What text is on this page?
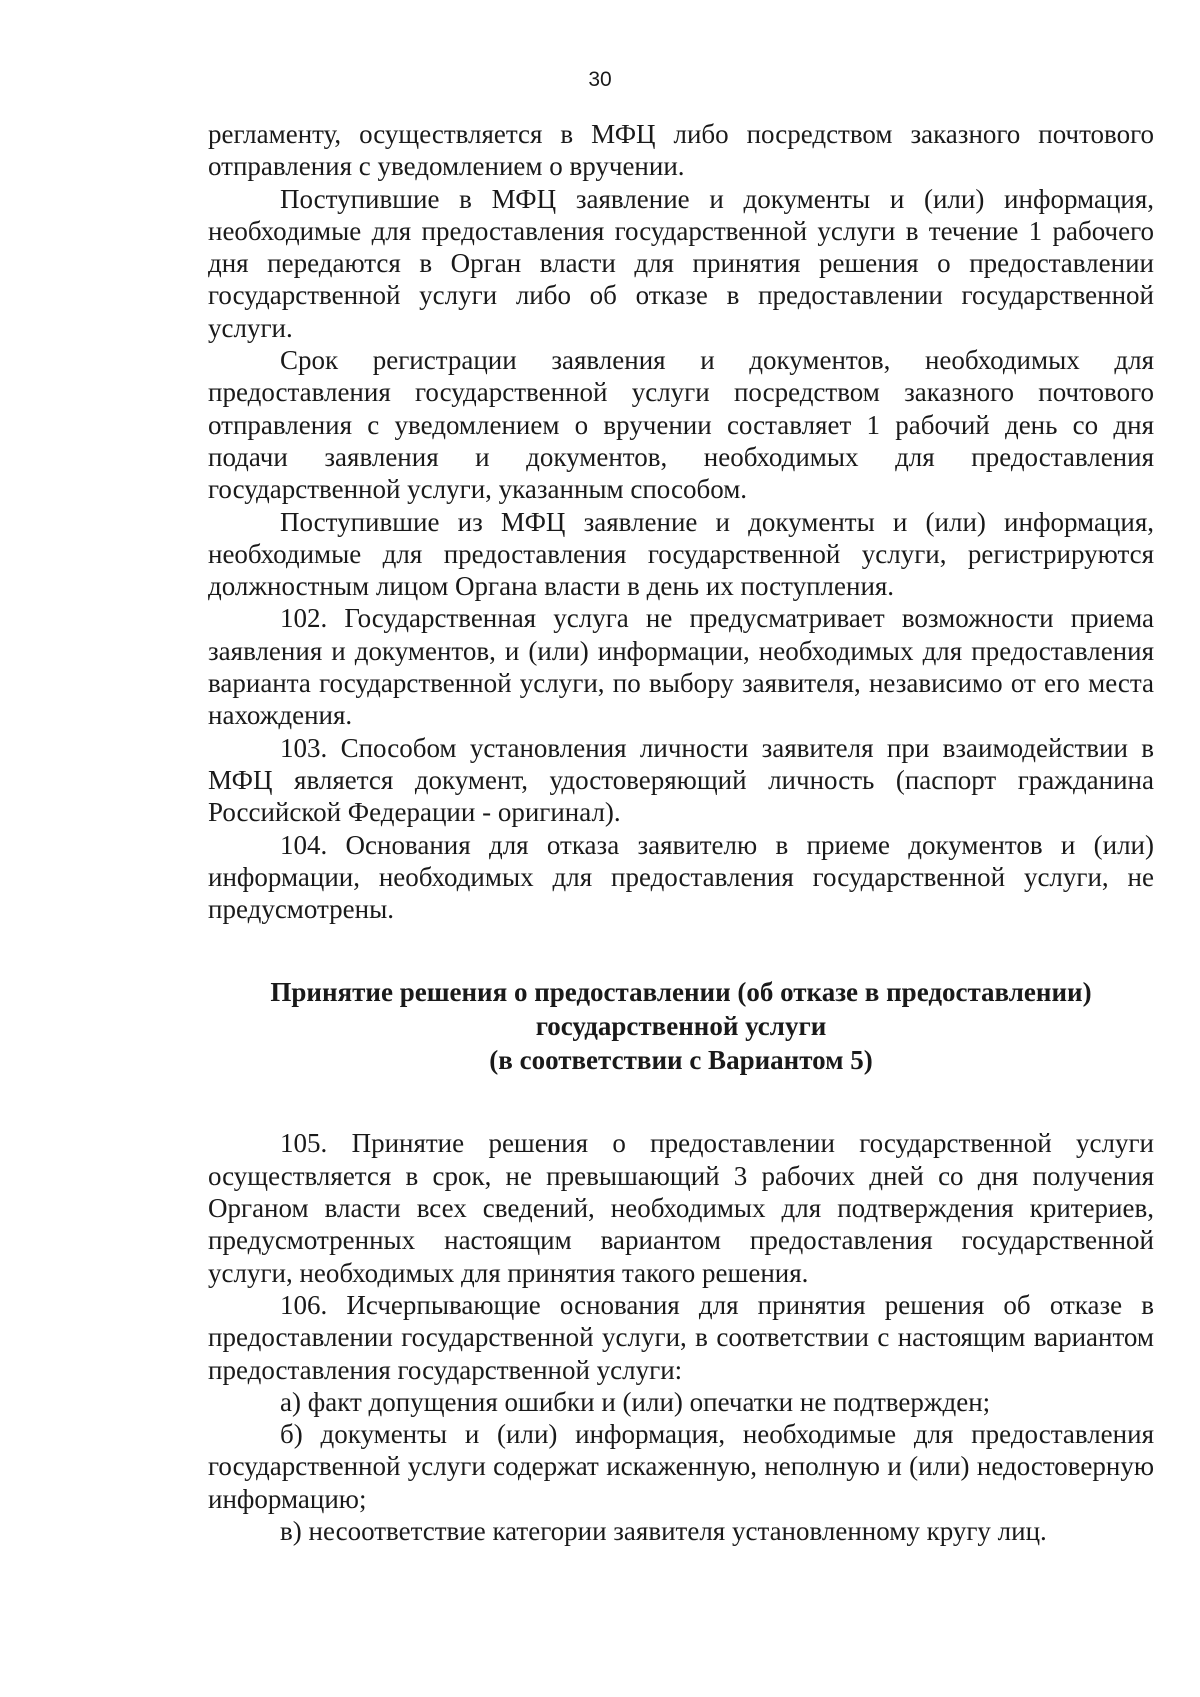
30

регламенту, осуществляется в МФЦ либо посредством заказного почтового отправления с уведомлением о вручении.

Поступившие в МФЦ заявление и документы и (или) информация, необходимые для предоставления государственной услуги в течение 1 рабочего дня передаются в Орган власти для принятия решения о предоставлении государственной услуги либо об отказе в предоставлении государственной услуги.

Срок регистрации заявления и документов, необходимых для предоставления государственной услуги посредством заказного почтового отправления с уведомлением о вручении составляет 1 рабочий день со дня подачи заявления и документов, необходимых для предоставления государственной услуги, указанным способом.

Поступившие из МФЦ заявление и документы и (или) информация, необходимые для предоставления государственной услуги, регистрируются должностным лицом Органа власти в день их поступления.

102. Государственная услуга не предусматривает возможности приема заявления и документов, и (или) информации, необходимых для предоставления варианта государственной услуги, по выбору заявителя, независимо от его места нахождения.

103. Способом установления личности заявителя при взаимодействии в МФЦ является документ, удостоверяющий личность (паспорт гражданина Российской Федерации - оригинал).

104. Основания для отказа заявителю в приеме документов и (или) информации, необходимых для предоставления государственной услуги, не предусмотрены.

Принятие решения о предоставлении (об отказе в предоставлении)
государственной услуги
(в соответствии с Вариантом 5)

105. Принятие решения о предоставлении государственной услуги осуществляется в срок, не превышающий 3 рабочих дней со дня получения Органом власти всех сведений, необходимых для подтверждения критериев, предусмотренных настоящим вариантом предоставления государственной услуги, необходимых для принятия такого решения.

106. Исчерпывающие основания для принятия решения об отказе в предоставлении государственной услуги, в соответствии с настоящим вариантом предоставления государственной услуги:

а) факт допущения ошибки и (или) опечатки не подтвержден;

б) документы и (или) информация, необходимые для предоставления государственной услуги содержат искаженную, неполную и (или) недостоверную информацию;

в) несоответствие категории заявителя установленному кругу лиц.
